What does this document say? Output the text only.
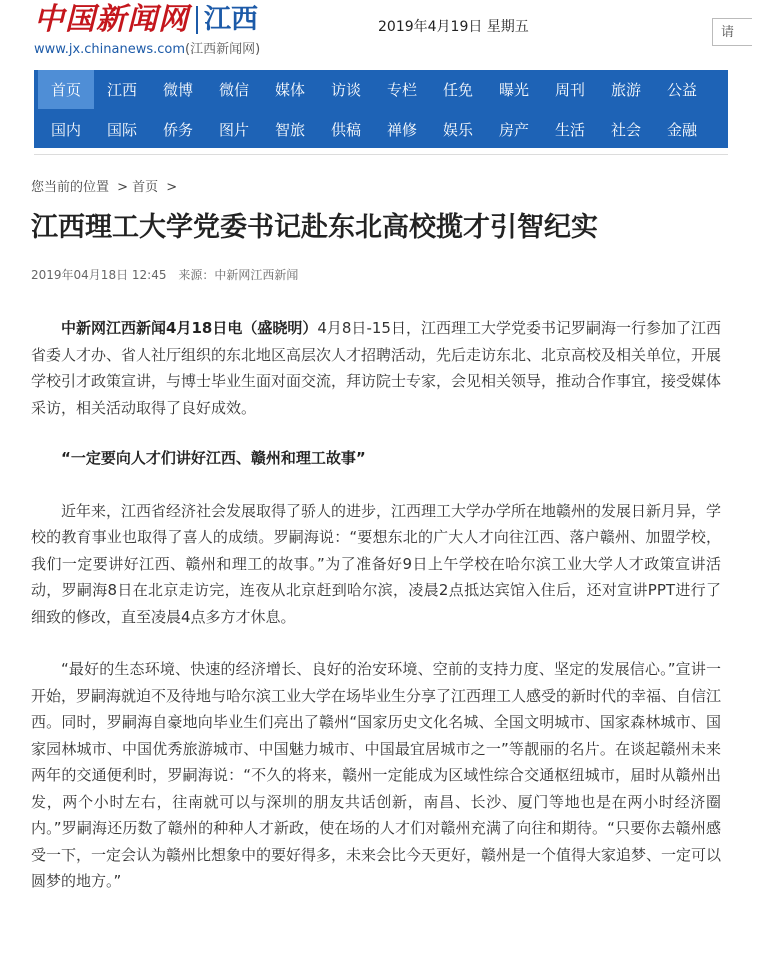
中国新闻网 江西
www.jx.chinanews.com(江西新闻网)
2019年4月19日 星期五	请
首页	江西	微博	微信	媒体	访谈	专栏	任免	曝光	周刊	旅游	公益	社
国内	国际	侨务	图片	智旅	供稿	禅修	娱乐	房产	生活	社会	金融	法
您当前的位置 > 首页 >
江西理工大学党委书记赴东北高校揽才引智纪实
2019年04月18日 12:45 来源：中新网江西新闻

中新网江西新闻4月18日电（盛晓明）4月8日-15日，江西理工大学党委书记罗嗣海一行参加了江西省委人才办、省人社厅组织的东北地区高层次人才招聘活动，先后走访东北、北京高校及相关单位，开展学校引才政策宣讲，与博士毕业生面对面交流，拜访院士专家，会见相关领导，推动合作事宜，接受媒体采访，相关活动取得了良好成效。

“一定要向人才们讲好江西、赣州和理工故事”

近年来，江西省经济社会发展取得了骄人的进步，江西理工大学办学所在地赣州的发展日新月异，学校的教育事业也取得了喜人的成绩。罗嗣海说：“要想东北的广大人才向往江西、落户赣州、加盟学校，我们一定要讲好江西、赣州和理工的故事。”为了准备好9日上午学校在哈尔滨工业大学人才政策宣讲活动，罗嗣海8日在北京走访完，连夜从北京赶到哈尔滨，凌晨2点抵达宾馆入住后，还对宣讲PPT进行了细致的修改，直至凌晨4点多方才休息。

“最好的生态环境、快速的经济增长、良好的治安环境、空前的支持力度、坚定的发展信心。”宣讲一开始，罗嗣海就迫不及待地与哈尔滨工业大学在场毕业生分享了江西理工人感受的新时代的幸福、自信江西。同时，罗嗣海自豪地向毕业生们亮出了赣州“国家历史文化名城、全国文明城市、国家森林城市、国家园林城市、中国优秀旅游城市、中国魅力城市、中国最宜居城市之一”等靓丽的名片。在谈起赣州未来两年的交通便利时，罗嗣海说：“不久的将来，赣州一定能成为区域性综合交通枢纽城市，届时从赣州出发，两个小时左右，往南就可以与深圳的朋友共话创新，南昌、长沙、厦门等地也是在两小时经济圈内。”罗嗣海还历数了赣州的种种人才新政，使在场的人才们对赣州充满了向往和期待。“只要你去赣州感受一下，一定会认为赣州比想象中的要好得多，未来会比今天更好，赣州是一个值得大家追梦、一定可以圆梦的地方。”
